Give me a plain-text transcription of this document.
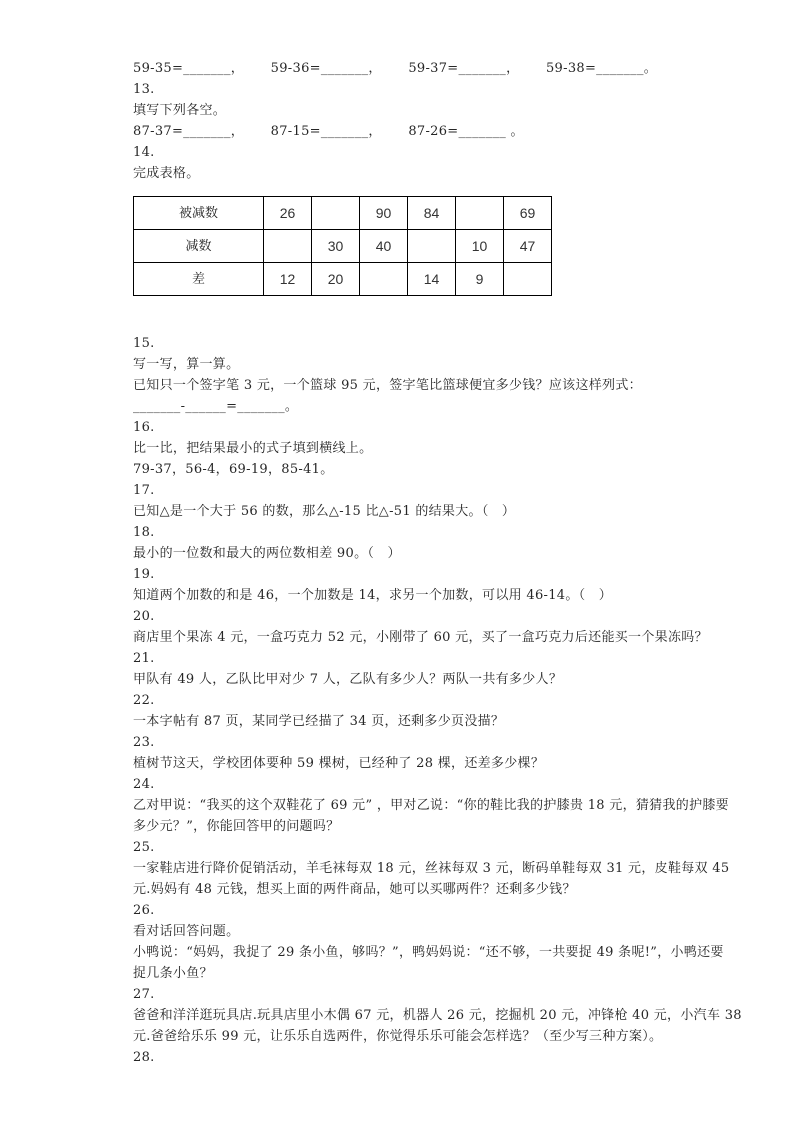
59-35=_______，      59-36=_______，      59-37=_______，      59-38=_______。
13.
填写下列各空。
87-37=_______，      87-15=_______，      87-26=_______ 。
14.
完成表格。
被减数	26		90	84		69
减数		30	40		10	47
差	12	20		14	9	
15.
写一写，算一算。
已知只一个签字笔 3 元，一个篮球 95 元，签字笔比篮球便宜多少钱？应该这样列式：
_______-______=_______。
16.
比一比，把结果最小的式子填到横线上。
79-37，56-4，69-19，85-41。
17.
已知△是一个大于 56 的数，那么△-15 比△-51 的结果大。（　）
18.
最小的一位数和最大的两位数相差 90。（　）
19.
知道两个加数的和是 46，一个加数是 14，求另一个加数，可以用 46-14。（　）
20.
商店里个果冻 4 元，一盒巧克力 52 元，小刚带了 60 元，买了一盒巧克力后还能买一个果冻吗？
21.
甲队有 49 人，乙队比甲对少 7 人，乙队有多少人？两队一共有多少人？
22.
一本字帖有 87 页，某同学已经描了 34 页，还剩多少页没描？
23.
植树节这天，学校团体要种 59 棵树，已经种了 28 棵，还差多少棵？
24.
乙对甲说：“我买的这个双鞋花了 69 元” ，甲对乙说：“你的鞋比我的护膝贵 18 元，猜猜我的护膝要
多少元？”，你能回答甲的问题吗？
25.
一家鞋店进行降价促销活动，羊毛袜每双 18 元，丝袜每双 3 元，断码单鞋每双 31 元，皮鞋每双 45
元.妈妈有 48 元钱，想买上面的两件商品，她可以买哪两件？还剩多少钱？
26.
看对话回答问题。
小鸭说：“妈妈，我捉了 29 条小鱼，够吗？”，鸭妈妈说：“还不够，一共要捉 49 条呢!”，小鸭还要
捉几条小鱼？
27.
爸爸和洋洋逛玩具店.玩具店里小木偶 67 元，机器人 26 元，挖掘机 20 元，冲锋枪 40 元，小汽车 38
元.爸爸给乐乐 99 元，让乐乐自选两件，你觉得乐乐可能会怎样选？（至少写三种方案）。
28.
